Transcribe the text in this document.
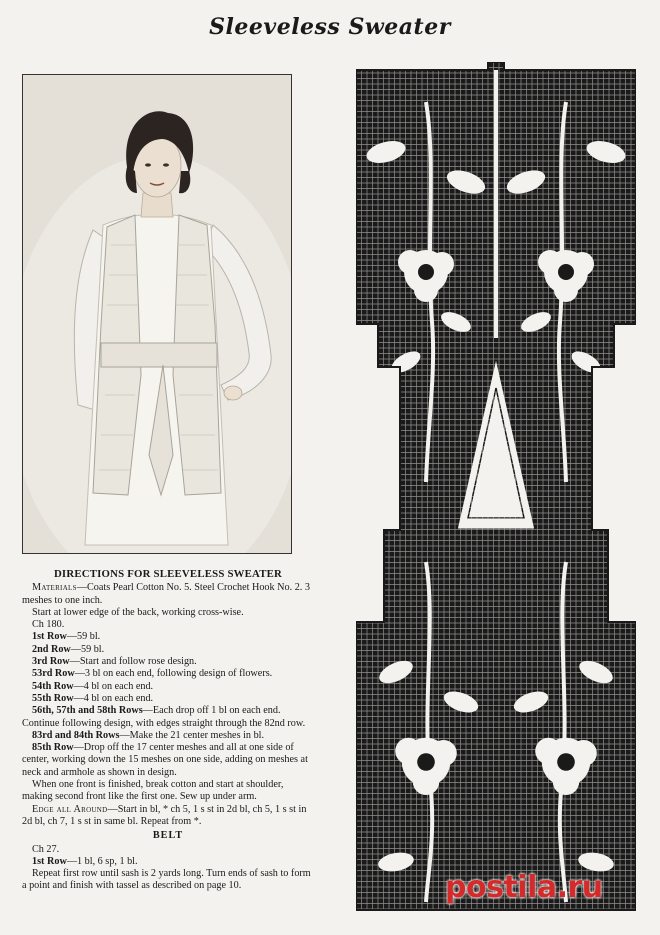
Sleeveless Sweater
DIRECTIONS FOR SLEEVELESS SWEATER

Materials—Coats Pearl Cotton No. 5. Steel Crochet Hook No. 2. 3 meshes to one inch.

Start at lower edge of the back, working cross-wise.

Ch 180.

1st Row—59 bl.

2nd Row—59 bl.

3rd Row—Start and follow rose design.

53rd Row—3 bl on each end, following design of flowers.

54th Row—4 bl on each end.

55th Row—4 bl on each end.

56th, 57th and 58th Rows—Each drop off 1 bl on each end. Continue following design, with edges straight through the 82nd row.

83rd and 84th Rows—Make the 21 center meshes in bl.

85th Row—Drop off the 17 center meshes and all at one side of center, working down the 15 meshes on one side, adding on meshes at neck and armhole as shown in design.

When one front is finished, break cotton and start at shoulder, making second front like the first one. Sew up under arm.

Edge all Around—Start in bl, * ch 5, 1 s st in 2d bl, ch 5, 1 s st in 2d bl, ch 7, 1 s st in same bl. Repeat from *.

BELT

Ch 27.

1st Row—1 bl, 6 sp, 1 bl.

Repeat first row until sash is 2 yards long. Turn ends of sash to form a point and finish with tassel as described on page 10.	postila.ru
